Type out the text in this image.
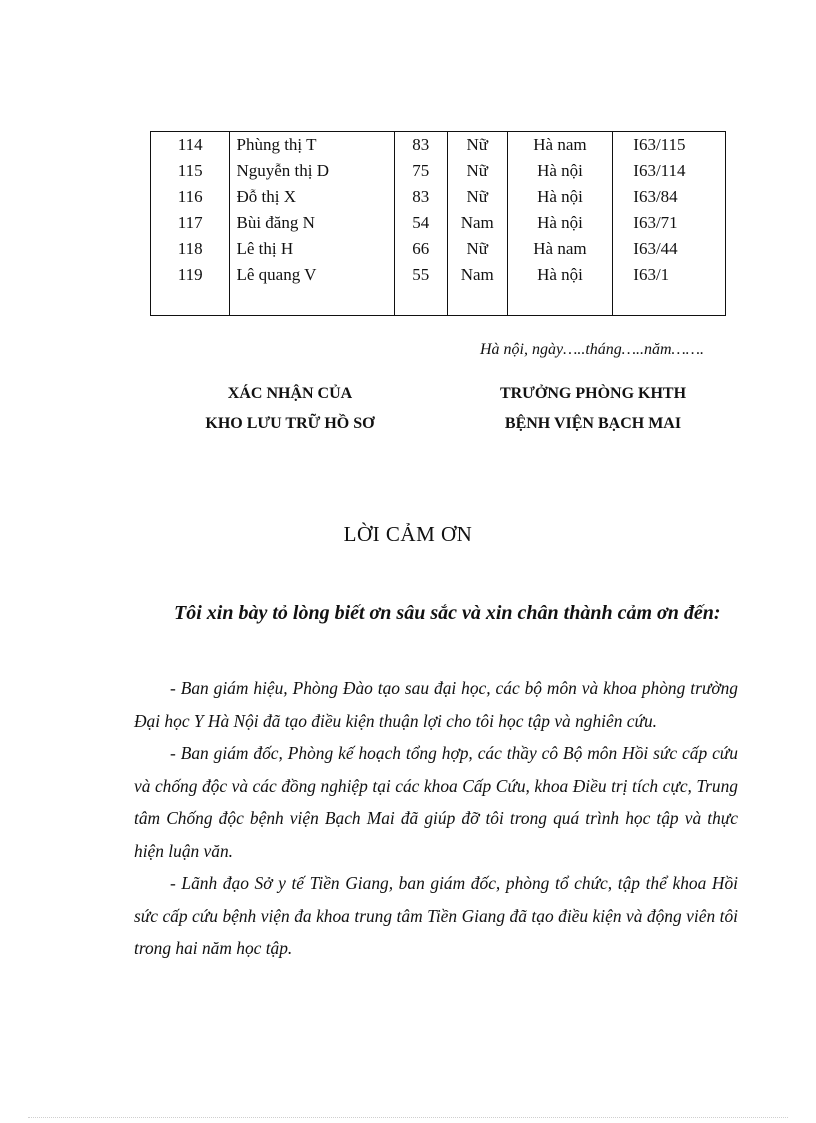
114	Phùng thị T	83	Nữ	Hà nam	I63/115
115	Nguyễn thị D	75	Nữ	Hà nội	I63/114
116	Đỗ thị X	83	Nữ	Hà nội	I63/84
117	Bùi đăng N	54	Nam	Hà nội	I63/71
118	Lê thị H	66	Nữ	Hà nam	I63/44
119	Lê quang V	55	Nam	Hà nội	I63/1

Hà nội, ngày…..tháng…..năm…….
XÁC NHẬN CỦA
KHO LƯU TRỮ HỒ SƠ
TRƯỞNG PHÒNG KHTH
BỆNH VIỆN BẠCH MAI
LỜI CẢM ƠN
Tôi xin bày tỏ lòng biết ơn sâu sắc và xin chân thành cảm ơn đến:

- Ban giám hiệu, Phòng Đào tạo sau đại học, các bộ môn và khoa phòng trường Đại học Y Hà Nội đã tạo điều kiện thuận lợi cho tôi học tập và nghiên cứu.

- Ban giám đốc, Phòng kế hoạch tổng hợp, các thầy cô Bộ môn Hồi sức cấp cứu và chống độc và các đồng nghiệp tại các khoa Cấp Cứu, khoa Điều trị tích cực, Trung tâm Chống độc bệnh viện Bạch Mai đã giúp đỡ tôi trong quá trình học tập và thực hiện luận văn.

- Lãnh đạo Sở y tế Tiền Giang, ban giám đốc, phòng tổ chức, tập thể khoa Hồi sức cấp cứu bệnh viện đa khoa trung tâm Tiền Giang đã tạo điều kiện và động viên tôi trong hai năm học tập.
